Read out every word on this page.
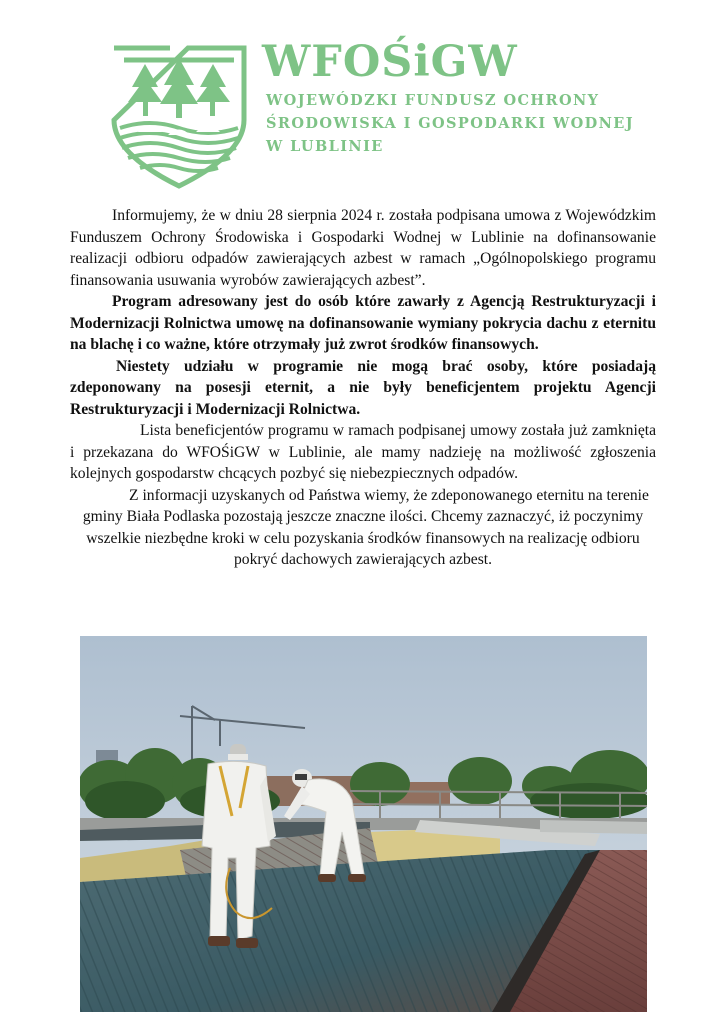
WFOŚiGW

WOJEWÓDZKI FUNDUSZ OCHRONY

ŚRODOWISKA I GOSPODARKI WODNEJ

W LUBLINIE

Informujemy, że w dniu 28 sierpnia 2024 r. została podpisana umowa z Wojewódzkim Funduszem Ochrony Środowiska i Gospodarki Wodnej w Lublinie na dofinansowanie realizacji odbioru odpadów zawierających azbest w ramach „Ogólnopolskiego programu finansowania usuwania wyrobów zawierających azbest”.

Program adresowany jest do osób które zawarły z Agencją Restrukturyzacji i Modernizacji Rolnictwa umowę na dofinansowanie wymiany pokrycia dachu z eternitu na blachę i co ważne, które otrzymały już zwrot środków finansowych.

Niestety udziału w programie nie mogą brać osoby, które posiadają zdeponowany na posesji eternit, a nie były beneficjentem projektu Agencji Restrukturyzacji i Modernizacji Rolnictwa.

Lista beneficjentów programu w ramach podpisanej umowy została już zamknięta i przekazana do WFOŚiGW w Lublinie, ale mamy nadzieję na możliwość zgłoszenia kolejnych gospodarstw chcących pozbyć się niebezpiecznych odpadów.

Z informacji uzyskanych od Państwa wiemy, że zdeponowanego eternitu na terenie gminy Biała Podlaska pozostają jeszcze znaczne ilości. Chcemy zaznaczyć, iż poczynimy wszelkie niezbędne kroki w celu pozyskania środków finansowych na realizację odbioru pokryć dachowych zawierających azbest.
